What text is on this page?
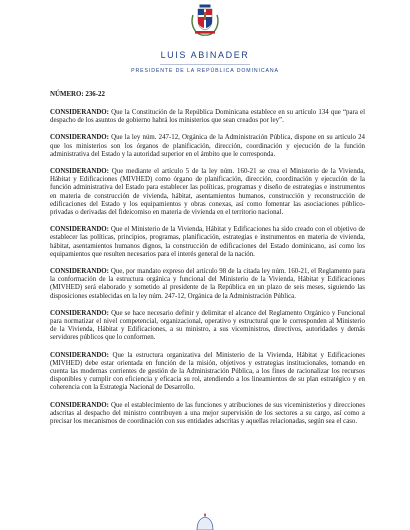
LUIS ABINADER
PRESIDENTE DE LA REPÚBLICA DOMINICANA
NÚMERO: 236-22

CONSIDERANDO: Que la Constitución de la República Dominicana establece en su artículo 134 que “para el despacho de los asuntos de gobierno habrá los ministerios que sean creados por ley”.

CONSIDERANDO: Que la ley núm. 247-12, Orgánica de la Administración Pública, dispone en su artículo 24 que los ministerios son los órganos de planificación, dirección, coordinación y ejecución de la función administrativa del Estado y la autoridad superior en el ámbito que le corresponda.

CONSIDERANDO: Que mediante el artículo 5 de la ley núm. 160-21 se crea el Ministerio de la Vivienda, Hábitat y Edificaciones (MIVHED) como órgano de planificación, dirección, coordinación y ejecución de la función administrativa del Estado para establecer las políticas, programas y diseño de estrategias e instrumentos en materia de construcción de vivienda, hábitat, asentamientos humanos, construcción y reconstrucción de edificaciones del Estado y los equipamientos y obras conexas, así como fomentar las asociaciones público-privadas o derivadas del fideicomiso en materia de vivienda en el territorio nacional.

CONSIDERANDO: Que el Ministerio de la Vivienda, Hábitat y Edificaciones ha sido creado con el objetivo de establecer las políticas, principios, programas, planificación, estrategias e instrumentos en materia de vivienda, hábitat, asentamientos humanos dignos, la construcción de edificaciones del Estado dominicano, así como los equipamientos que resulten necesarios para el interés general de la nación.

CONSIDERANDO: Que, por mandato expreso del artículo 98 de la citada ley núm. 160-21, el Reglamento para la conformación de la estructura orgánica y funcional del Ministerio de la Vivienda, Hábitat y Edificaciones (MIVHED) será elaborado y sometido al presidente de la República en un plazo de seis meses, siguiendo las disposiciones establecidas en la ley núm. 247-12, Orgánica de la Administración Pública.

CONSIDERANDO: Que se hace necesario definir y delimitar el alcance del Reglamento Orgánico y Funcional para normatizar el nivel competencial, organizacional, operativo y estructural que le corresponden al Ministerio de la Vivienda, Hábitat y Edificaciones, a su ministro, a sus viceministros, directivos, autoridades y demás servidores públicos que lo conformen.

CONSIDERANDO: Que la estructura organizativa del Ministerio de la Vivienda, Hábitat y Edificaciones (MIVHED) debe estar orientada en función de la misión, objetivos y estrategias institucionales, tomando en cuenta las modernas corrientes de gestión de la Administración Pública, a los fines de racionalizar los recursos disponibles y cumplir con eficiencia y eficacia su rol, atendiendo a los lineamientos de su plan estratégico y en coherencia con la Estrategia Nacional de Desarrollo.

CONSIDERANDO: Que el establecimiento de las funciones y atribuciones de sus viceministerios y direcciones adscritas al despacho del ministro contribuyen a una mejor supervisión de los sectores a su cargo, así como a precisar los mecanismos de coordinación con sus entidades adscritas y aquellas relacionadas, según sea el caso.
